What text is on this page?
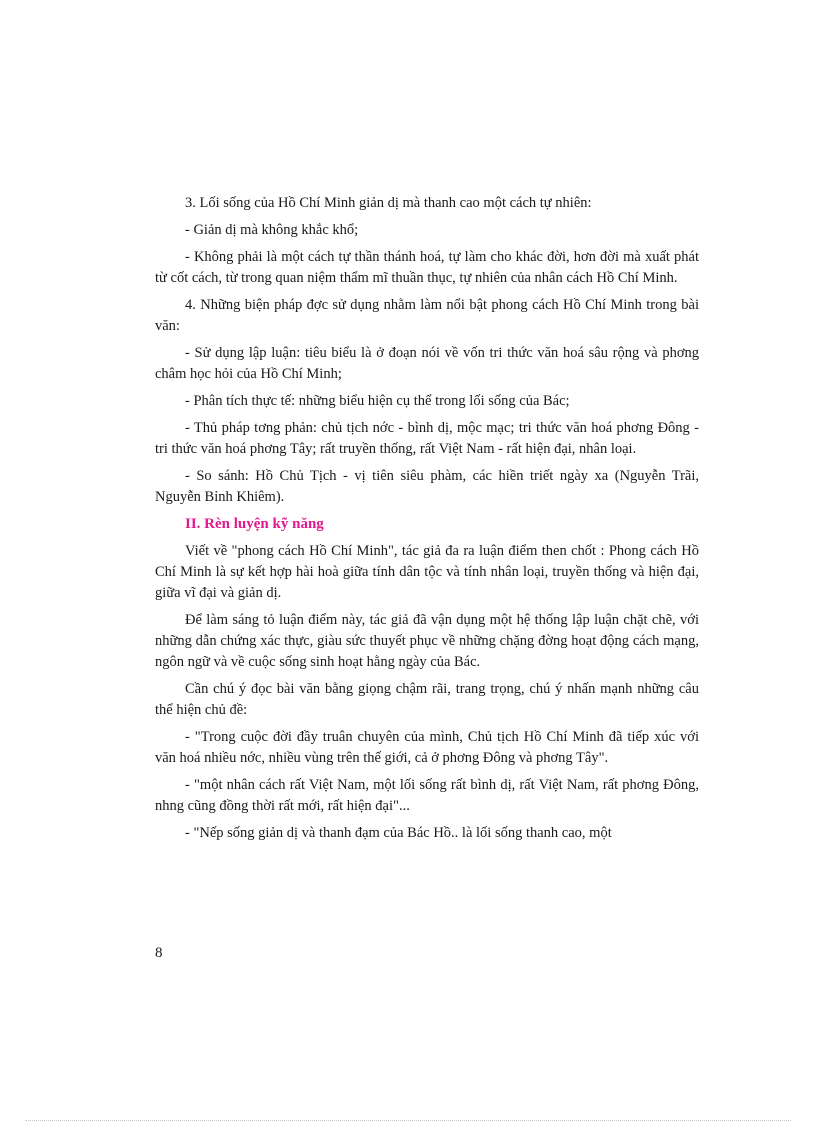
3. Lối sống của Hồ Chí Minh giản dị mà thanh cao một cách tự nhiên:

- Giản dị mà không khắc khổ;

- Không phải là một cách tự thần thánh hoá, tự làm cho khác đời, hơn đời mà xuất phát từ cốt cách, từ trong quan niệm thẩm mĩ thuần thục, tự nhiên của nhân cách Hồ Chí Minh.

4. Những biện pháp đợc sử dụng nhằm làm nổi bật phong cách Hồ Chí Minh trong bài văn:

- Sử dụng lập luận: tiêu biểu là ở đoạn nói về vốn tri thức văn hoá sâu rộng và phơng châm học hỏi của Hồ Chí Minh;

- Phân tích thực tế: những biểu hiện cụ thể trong lối sống của Bác;

- Thủ pháp tơng phản: chủ tịch nớc - bình dị, mộc mạc; tri thức văn hoá phơng Đông - tri thức văn hoá phơng Tây; rất truyền thống, rất Việt Nam - rất hiện đại, nhân loại.

- So sánh: Hồ Chủ Tịch - vị tiên siêu phàm, các hiền triết ngày xa (Nguyễn Trãi, Nguyễn Bỉnh Khiêm).

II. Rèn luyện kỹ năng

Viết về "phong cách Hồ Chí Minh", tác giả đa ra luận điểm then chốt : Phong cách Hồ Chí Minh là sự kết hợp hài hoà giữa tính dân tộc và tính nhân loại, truyền thống và hiện đại, giữa vĩ đại và giản dị.

Để làm sáng tỏ luận điểm này, tác giả đã vận dụng một hệ thống lập luận chặt chẽ, với những dẫn chứng xác thực, giàu sức thuyết phục về những chặng đờng hoạt động cách mạng, ngôn ngữ và về cuộc sống sinh hoạt hằng ngày của Bác.

Cần chú ý đọc bài văn bằng giọng chậm rãi, trang trọng, chú ý nhấn mạnh những câu thể hiện chủ đề:

- "Trong cuộc đời đầy truân chuyên của mình, Chủ tịch Hồ Chí Minh đã tiếp xúc với văn hoá nhiều nớc, nhiều vùng trên thế giới, cả ở phơng Đông và phơng Tây".

- "một nhân cách rất Việt Nam, một lối sống rất bình dị, rất Việt Nam, rất phơng Đông, nhng cũng đồng thời rất mới, rất hiện đại"...

- "Nếp sống giản dị và thanh đạm của Bác Hồ.. là lối sống thanh cao, một

8
